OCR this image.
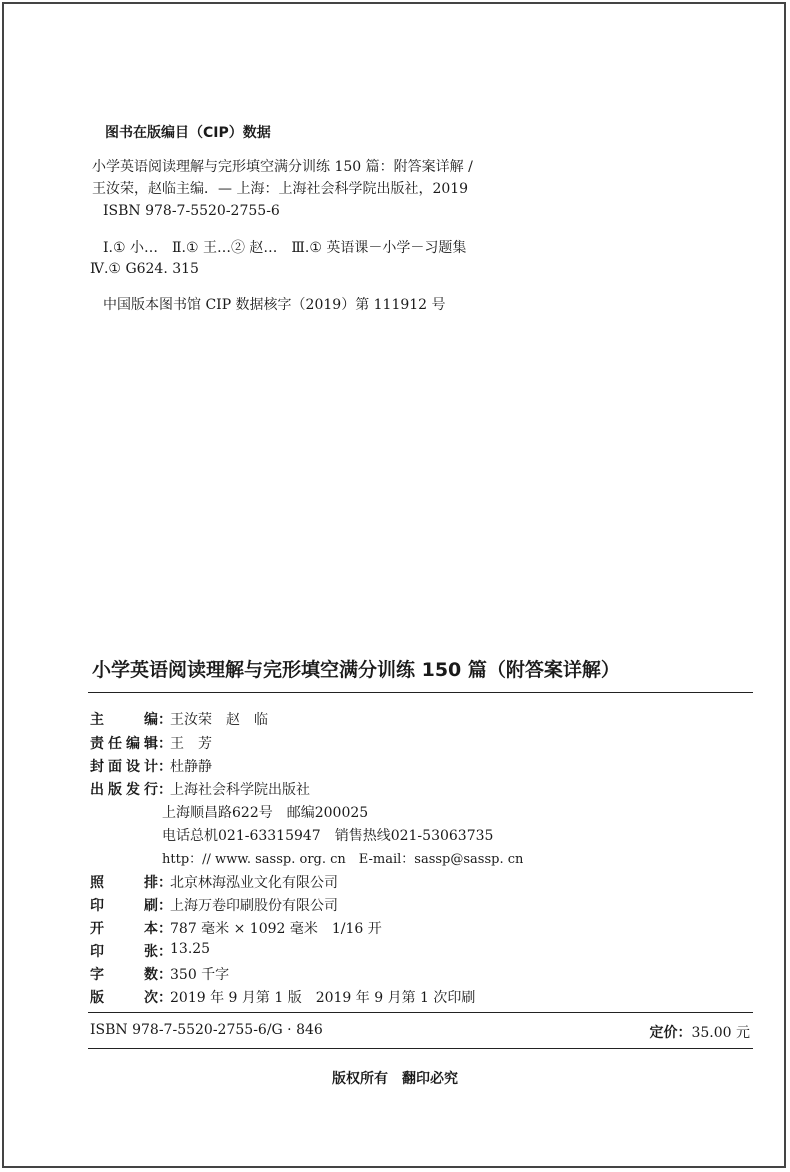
图书在版编目（CIP）数据
小学英语阅读理解与完形填空满分训练 150 篇：附答案详解 /
王汝荣，赵临主编．— 上海：上海社会科学院出版社，2019
ISBN 978-7-5520-2755-6
Ⅰ.① 小…　Ⅱ.① 王…② 赵…　Ⅲ.① 英语课－小学－习题集
Ⅳ.① G624. 315
中国版本图书馆 CIP 数据核字（2019）第 111912 号
小学英语阅读理解与完形填空满分训练 150 篇（附答案详解）
主	编 ：
王汝荣　赵　临
责 任 编 辑 ：
王　芳
封 面 设 计 ：
杜静静
出 版 发 行 ：
上海社会科学院出版社
上海顺昌路622号　邮编200025
电话总机021-63315947　销售热线021-53063735
http：// www. sassp. org. cn　E-mail：sassp@sassp. cn
照	排 ：
北京林海泓业文化有限公司
印	刷 ：
上海万卷印刷股份有限公司
开	本 ：
787 毫米 × 1092 毫米　1/16 开
印	张 ：
13.25
字	数 ：
350 千字
版	次 ：
2019 年 9 月第 1 版　2019 年 9 月第 1 次印刷
ISBN 978-7-5520-2755-6/G · 846	定价：35.00 元
版权所有　翻印必究
